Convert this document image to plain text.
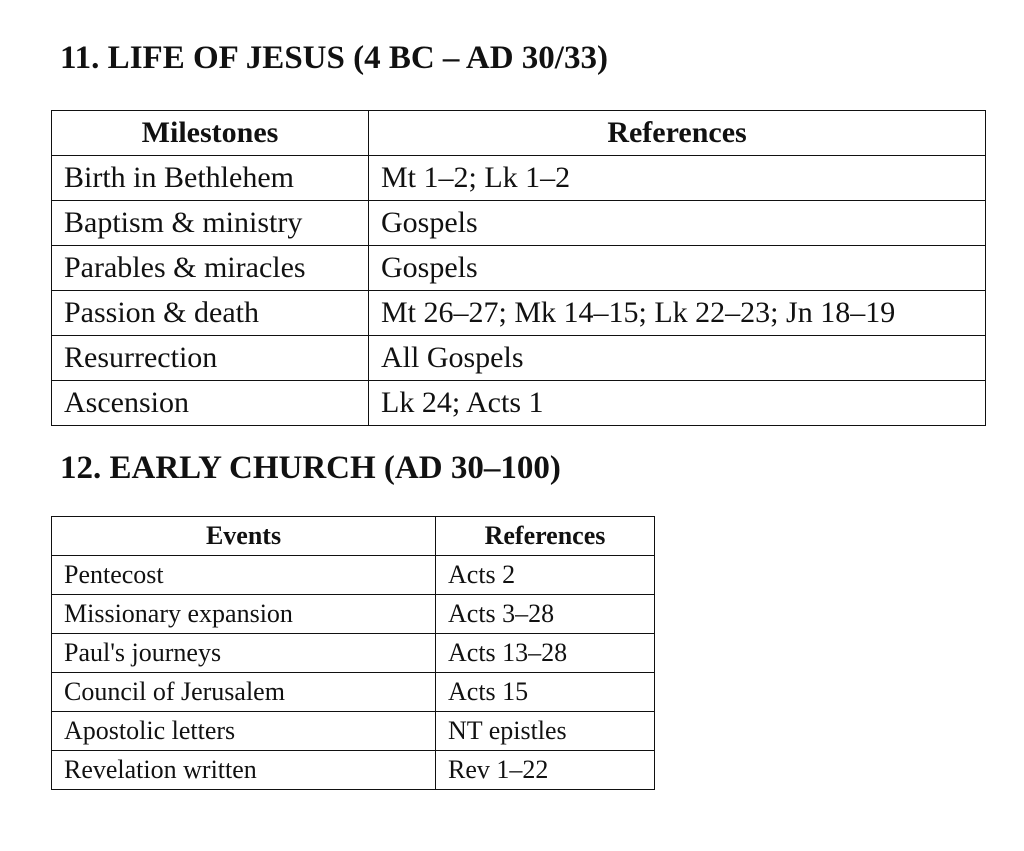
11. LIFE OF JESUS (4 BC – AD 30/33)
Milestones	References
Birth in Bethlehem	Mt 1–2; Lk 1–2
Baptism & ministry	Gospels
Parables & miracles	Gospels
Passion & death	Mt 26–27; Mk 14–15; Lk 22–23; Jn 18–19
Resurrection	All Gospels
Ascension	Lk 24; Acts 1
12. EARLY CHURCH (AD 30–100)
Events	References
Pentecost	Acts 2
Missionary expansion	Acts 3–28
Paul's journeys	Acts 13–28
Council of Jerusalem	Acts 15
Apostolic letters	NT epistles
Revelation written	Rev 1–22
